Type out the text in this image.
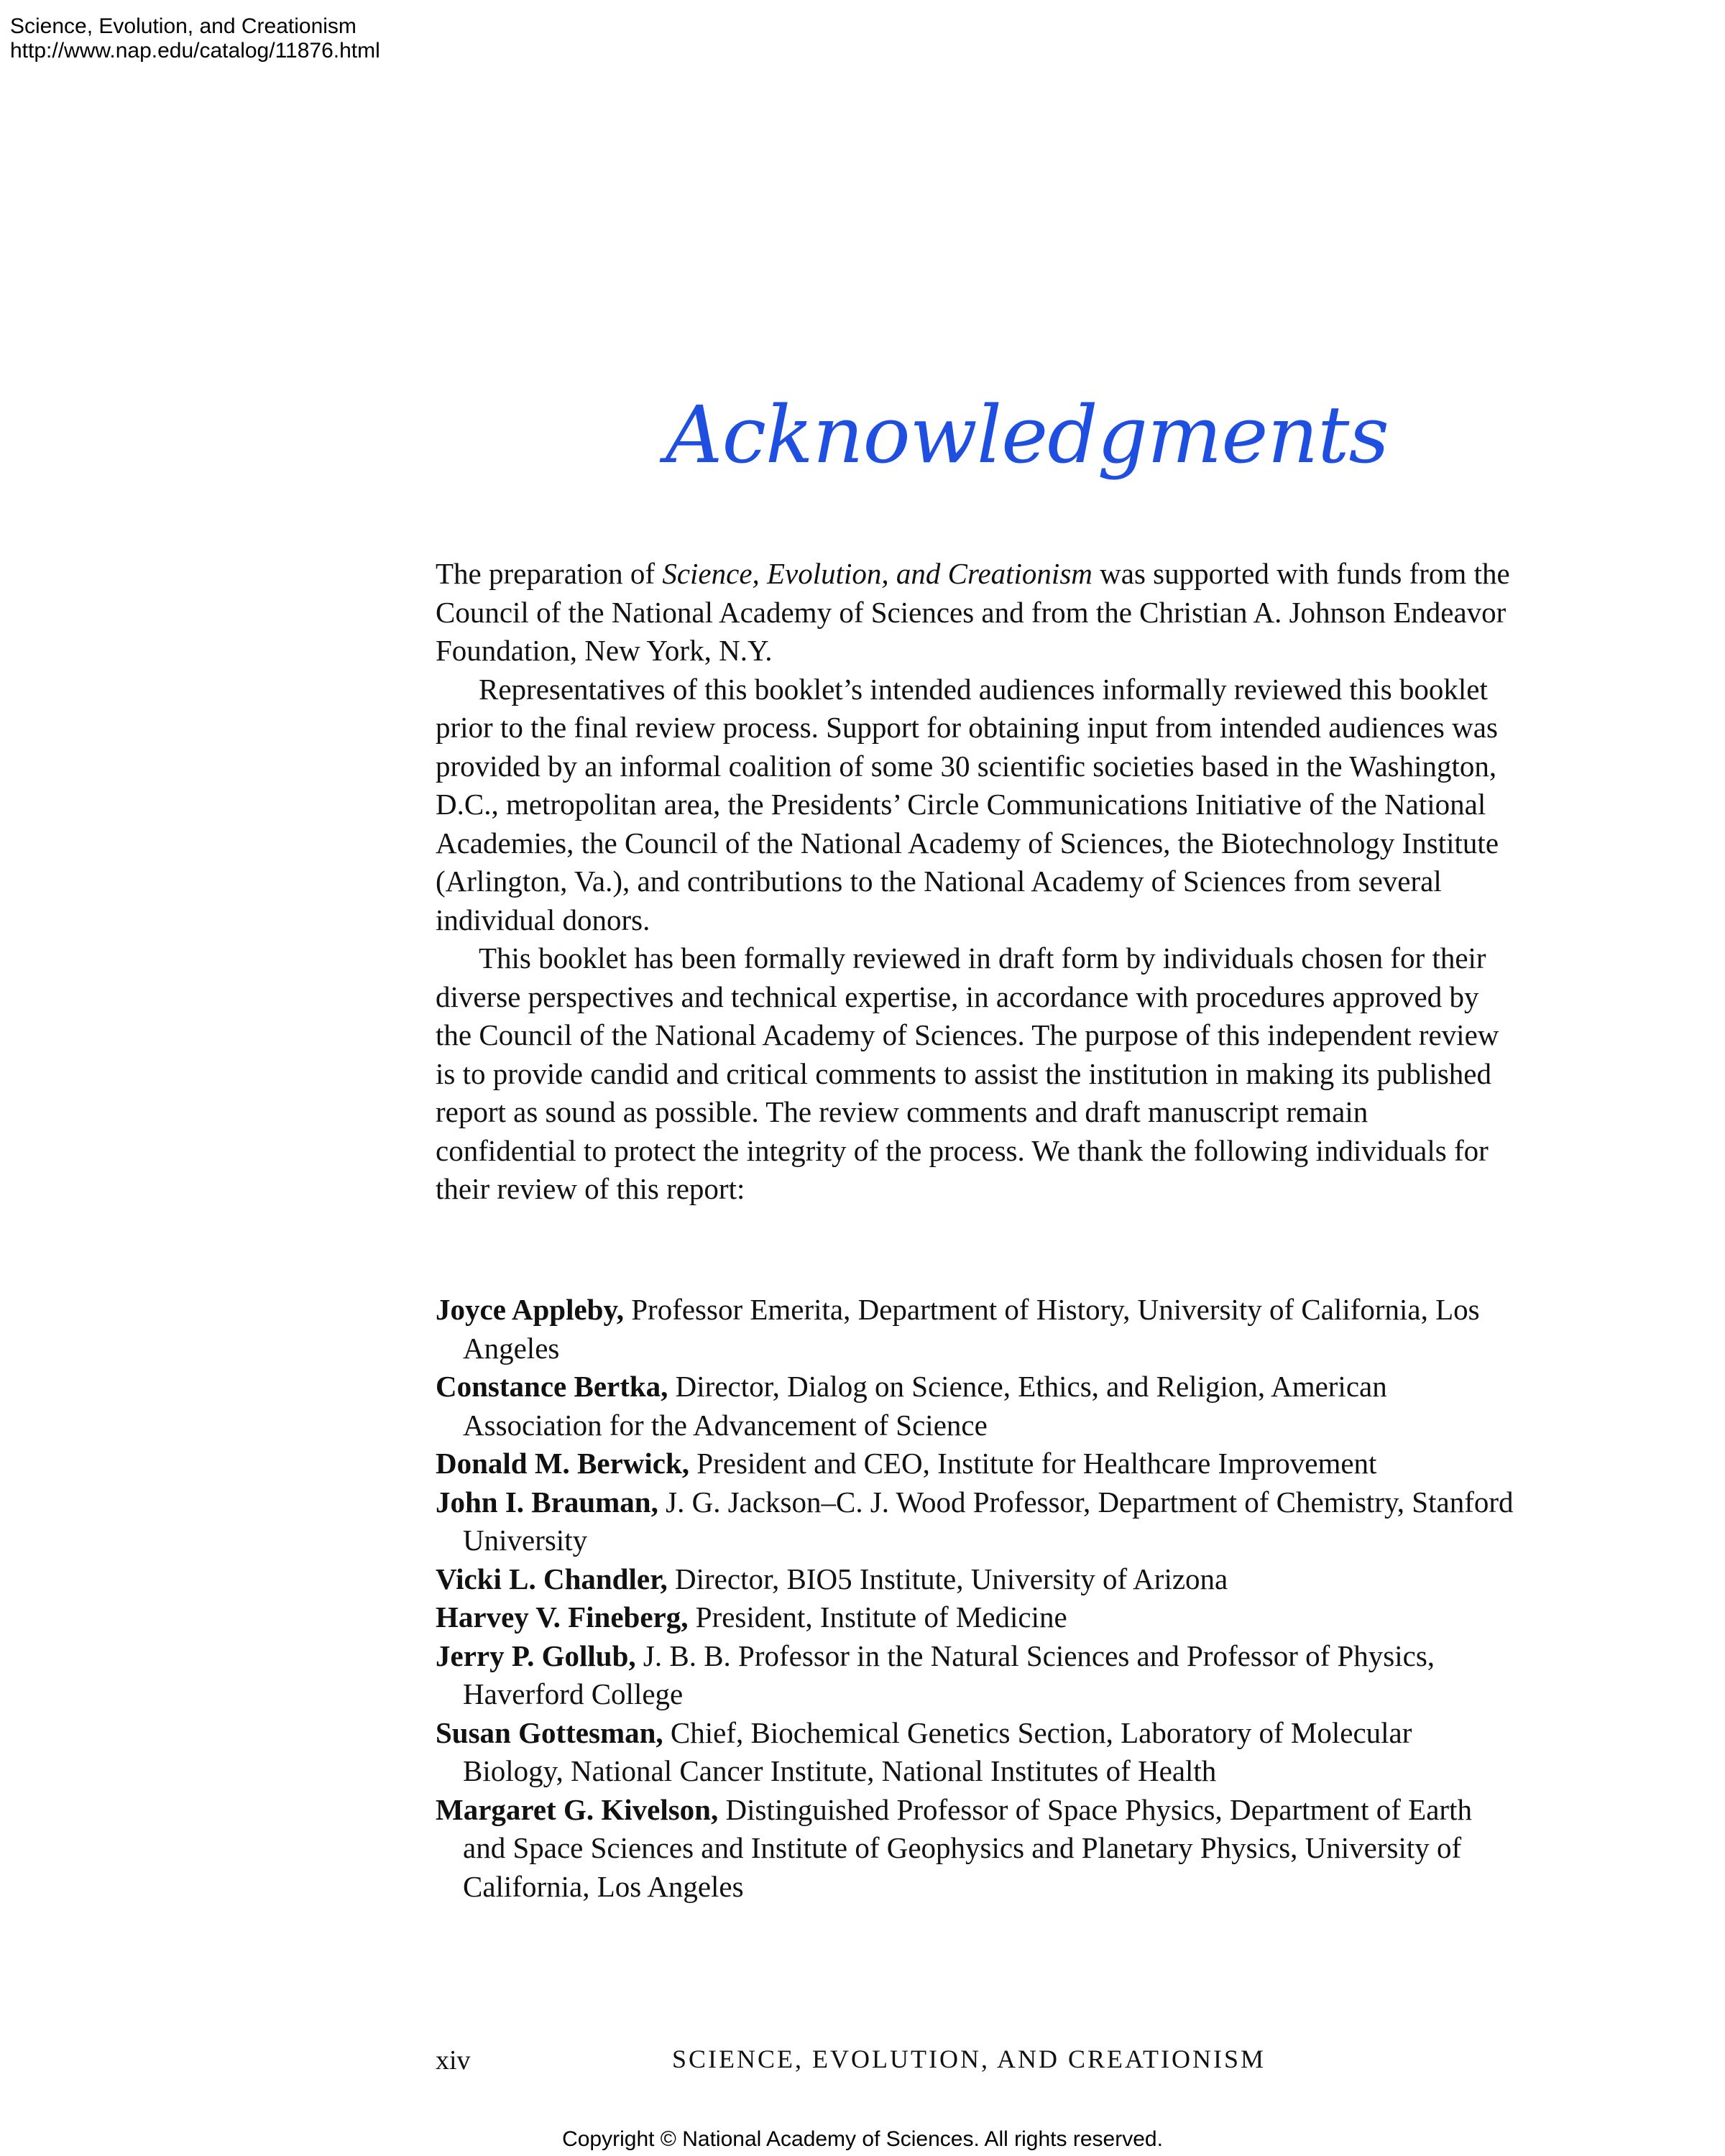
Science, Evolution, and Creationism
http://www.nap.edu/catalog/11876.html
Acknowledgments

The preparation of Science, Evolution, and Creationism was supported with funds from the Council of the National Academy of Sciences and from the Christian A. Johnson Endeavor Foundation, New York, N.Y.

Representatives of this booklet’s intended audiences informally reviewed this booklet prior to the final review process. Support for obtaining input from intended audiences was provided by an informal coalition of some 30 scientific societies based in the Washington, D.C., metropolitan area, the Presidents’ Circle Communications Initiative of the National Academies, the Council of the National Academy of Sciences, the Biotechnology Institute (Arlington, Va.), and contributions to the National Academy of Sciences from several individual donors.

This booklet has been formally reviewed in draft form by individuals chosen for their diverse perspectives and technical expertise, in accordance with procedures approved by the Council of the National Academy of Sciences. The purpose of this independent review is to provide candid and critical comments to assist the institution in making its published report as sound as possible. The review comments and draft manuscript remain confidential to protect the integrity of the process. We thank the following individuals for their review of this report:

Joyce Appleby, Professor Emerita, Department of History, University of California, Los Angeles

Constance Bertka, Director, Dialog on Science, Ethics, and Religion, American Association for the Advancement of Science

Donald M. Berwick, President and CEO, Institute for Healthcare Improvement

John I. Brauman, J. G. Jackson–C. J. Wood Professor, Department of Chemistry, Stanford University

Vicki L. Chandler, Director, BIO5 Institute, University of Arizona

Harvey V. Fineberg, President, Institute of Medicine

Jerry P. Gollub, J. B. B. Professor in the Natural Sciences and Professor of Physics, Haverford College

Susan Gottesman, Chief, Biochemical Genetics Section, Laboratory of Molecular Biology, National Cancer Institute, National Institutes of Health

Margaret G. Kivelson, Distinguished Professor of Space Physics, Department of Earth and Space Sciences and Institute of Geophysics and Planetary Physics, University of California, Los Angeles

xiv	SCIENCE, EVOLUTION, AND CREATIONISM
Copyright © National Academy of Sciences. All rights reserved.
